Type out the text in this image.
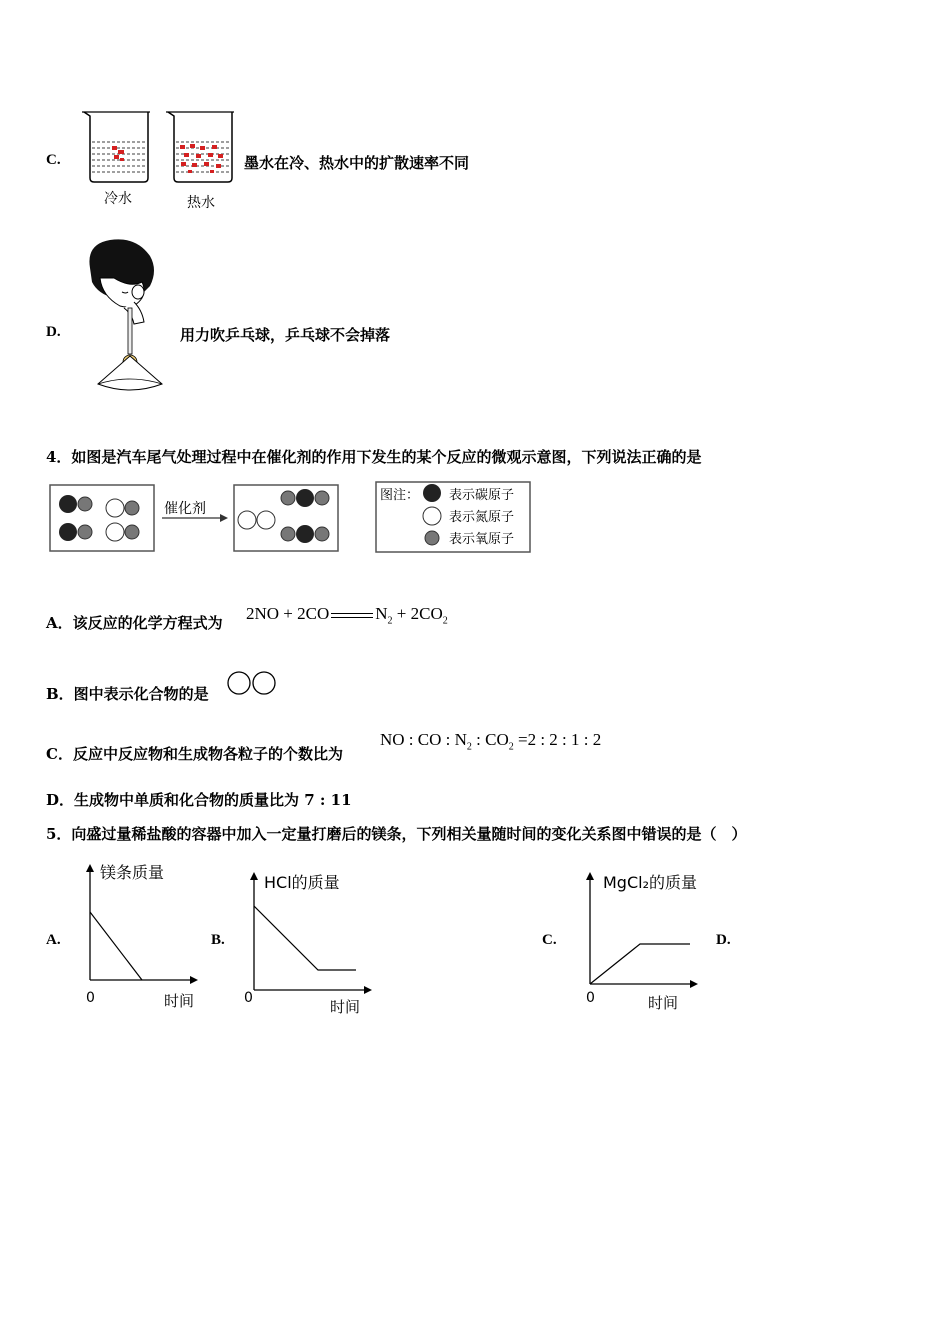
C.
冷水	热水
墨水在冷、热水中的扩散速率不同
D.	用力吹乒乓球，乒乓球不会掉落
4．如图是汽车尾气处理过程中在催化剂的作用下发生的某个反应的微观示意图，下列说法正确的是
催化剂
图注： 表示碳原子
表示氮原子
表示氧原子
A．该反应的化学方程式为 2NO + 2CO	$N_2 + 2CO_2$
B．图中表示化合物的是
C．反应中反应物和生成物各粒子的个数比为
NO : CO : $N_2$ : $CO_2 =2$ : 2 : 1 : 2
D．生成物中单质和化合物的质量比为 7 : 11
5．向盛过量稀盐酸的容器中加入一定量打磨后的镁条，下列相关量随时间的变化关系图中错误的是（　）
A.	B.	C.	D.
镁条质量
0	时间
HCl的质量
0	时间
MgCl₂的质量
0	时间
